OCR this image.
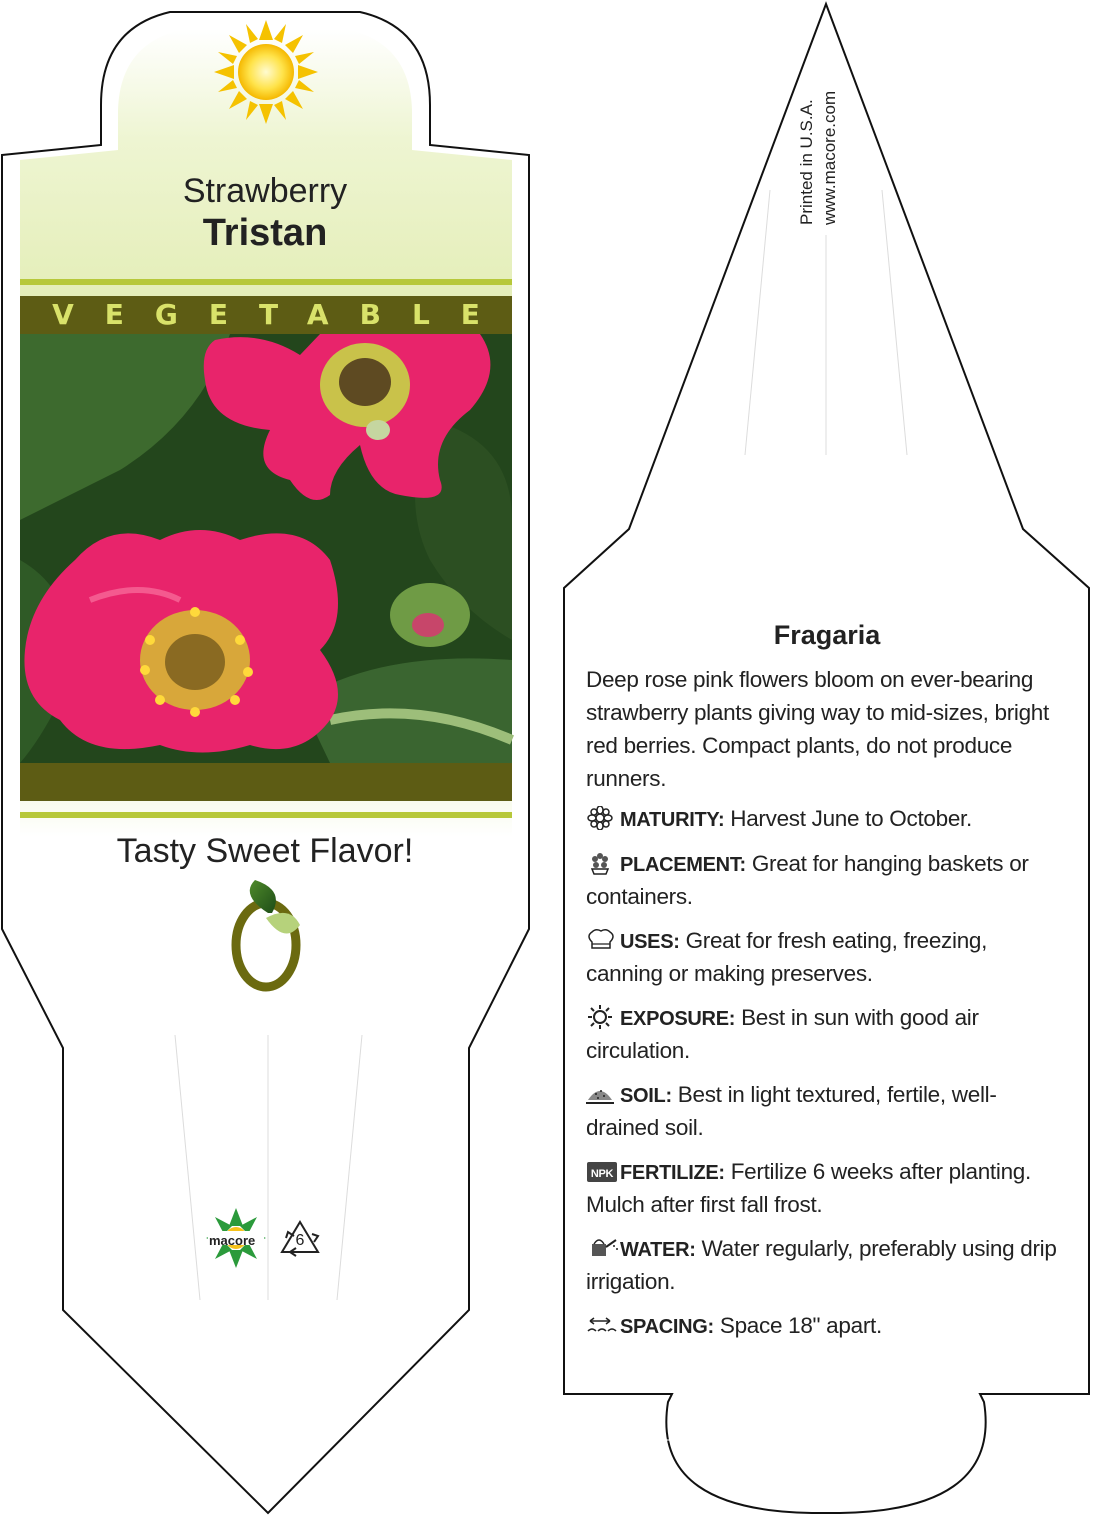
Strawberry
Tristan
VEGETABLE
Tasty Sweet Flavor!
macore	6
Printed in U.S.A. www.macore.com
Fragaria
Deep rose pink flowers bloom on ever-bearing strawberry plants giving way to mid-sizes, bright red berries. Compact plants, do not produce runners.
MATURITY: Harvest June to October.
PLACEMENT: Great for hanging baskets or containers.
USES: Great for fresh eating, freezing, canning or making preserves.
EXPOSURE: Best in sun with good air circulation.
SOIL: Best in light textured, fertile, well-drained soil.
NPK FERTILIZE: Fertilize 6 weeks after planting. Mulch after first fall frost.
WATER: Water regularly, preferably using drip irrigation.
SPACING: Space 18" apart.
